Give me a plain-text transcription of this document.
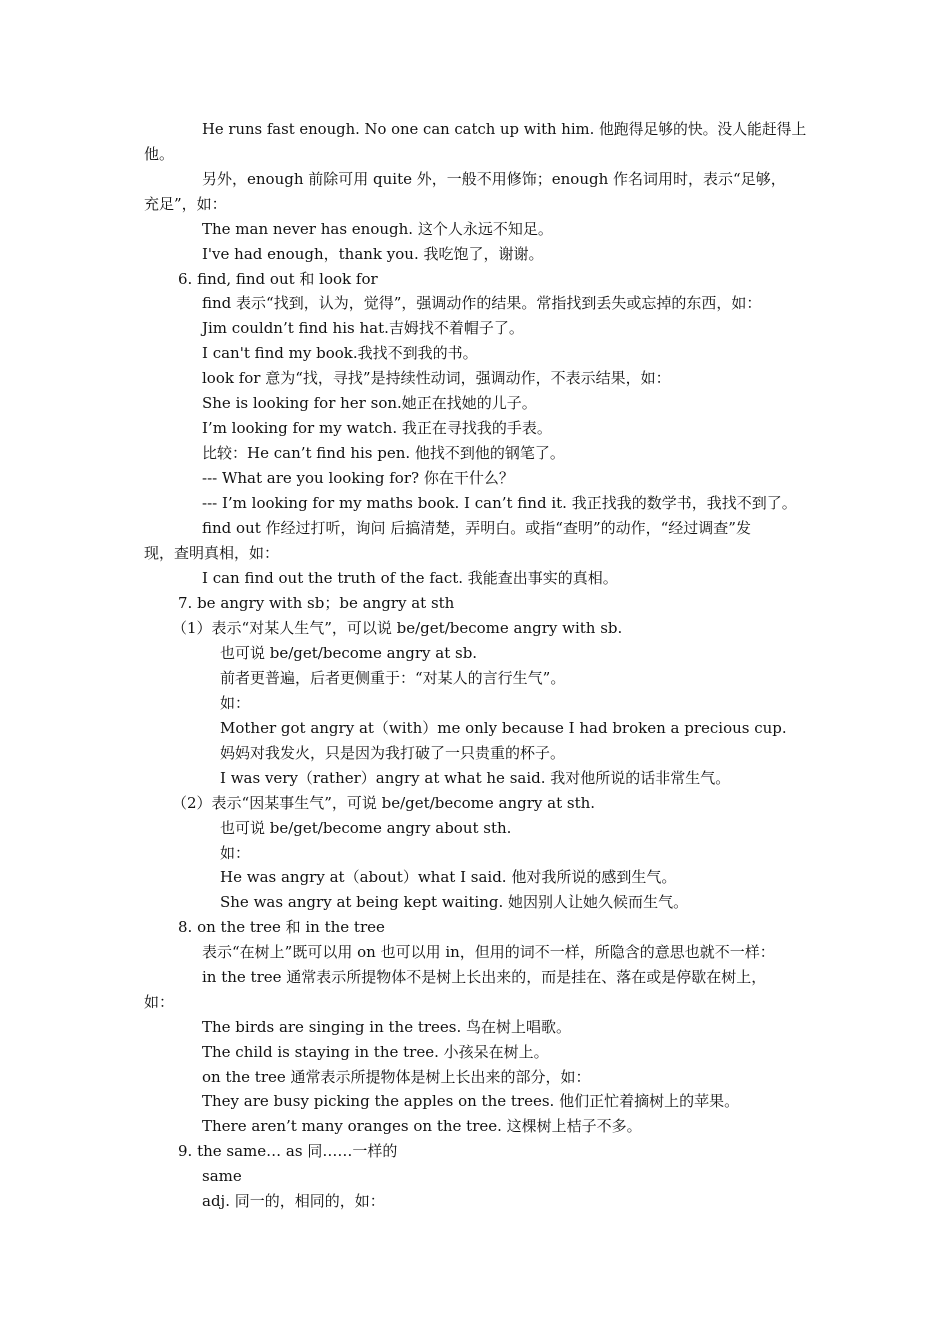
He runs fast enough. No one can catch up with him. 他跑得足够的快。没人能赶得上
他。
另外，enough 前除可用 quite 外，一般不用修饰；enough 作名词用时，表示“足够，
充足”，如：
The man never has enough. 这个人永远不知足。
I've had enough，thank you. 我吃饱了，谢谢。
6. find, find out 和 look for
find 表示“找到，认为，觉得”，强调动作的结果。常指找到丢失或忘掉的东西，如：
Jim couldn’t find his hat.吉姆找不着帽子了。
I can't find my book.我找不到我的书。
look for 意为“找，寻找”是持续性动词，强调动作，不表示结果，如：
She is looking for her son.她正在找她的儿子。
I’m looking for my watch. 我正在寻找我的手表。
比较：He can’t find his pen. 他找不到他的钢笔了。
--- What are you looking for? 你在干什么？
--- I’m looking for my maths book. I can’t find it. 我正找我的数学书，我找不到了。
find out 作经过打听，询问 后搞清楚，弄明白。或指“查明”的动作，“经过调查”发
现，查明真相，如：
I can find out the truth of the fact. 我能查出事实的真相。
7. be angry with sb；be angry at sth
（1）表示“对某人生气”，可以说 be/get/become angry with sb.
也可说 be/get/become angry at sb.
前者更普遍，后者更侧重于：“对某人的言行生气”。
如：
Mother got angry at（with）me only because I had broken a precious cup.
妈妈对我发火，只是因为我打破了一只贵重的杯子。
I was very（rather）angry at what he said. 我对他所说的话非常生气。
（2）表示“因某事生气”，可说 be/get/become angry at sth.
也可说 be/get/become angry about sth.
如：
He was angry at（about）what I said. 他对我所说的感到生气。
She was angry at being kept waiting. 她因别人让她久候而生气。
8. on the tree 和 in the tree
表示“在树上”既可以用 on 也可以用 in，但用的词不一样，所隐含的意思也就不一样：
in the tree 通常表示所提物体不是树上长出来的，而是挂在、落在或是停歇在树上，
如：
The birds are singing in the trees. 鸟在树上唱歌。
The child is staying in the tree. 小孩呆在树上。
on the tree 通常表示所提物体是树上长出来的部分，如：
They are busy picking the apples on the trees. 他们正忙着摘树上的苹果。
There aren’t many oranges on the tree. 这棵树上桔子不多。
9. the same… as 同……一样的
same
adj. 同一的，相同的，如：
